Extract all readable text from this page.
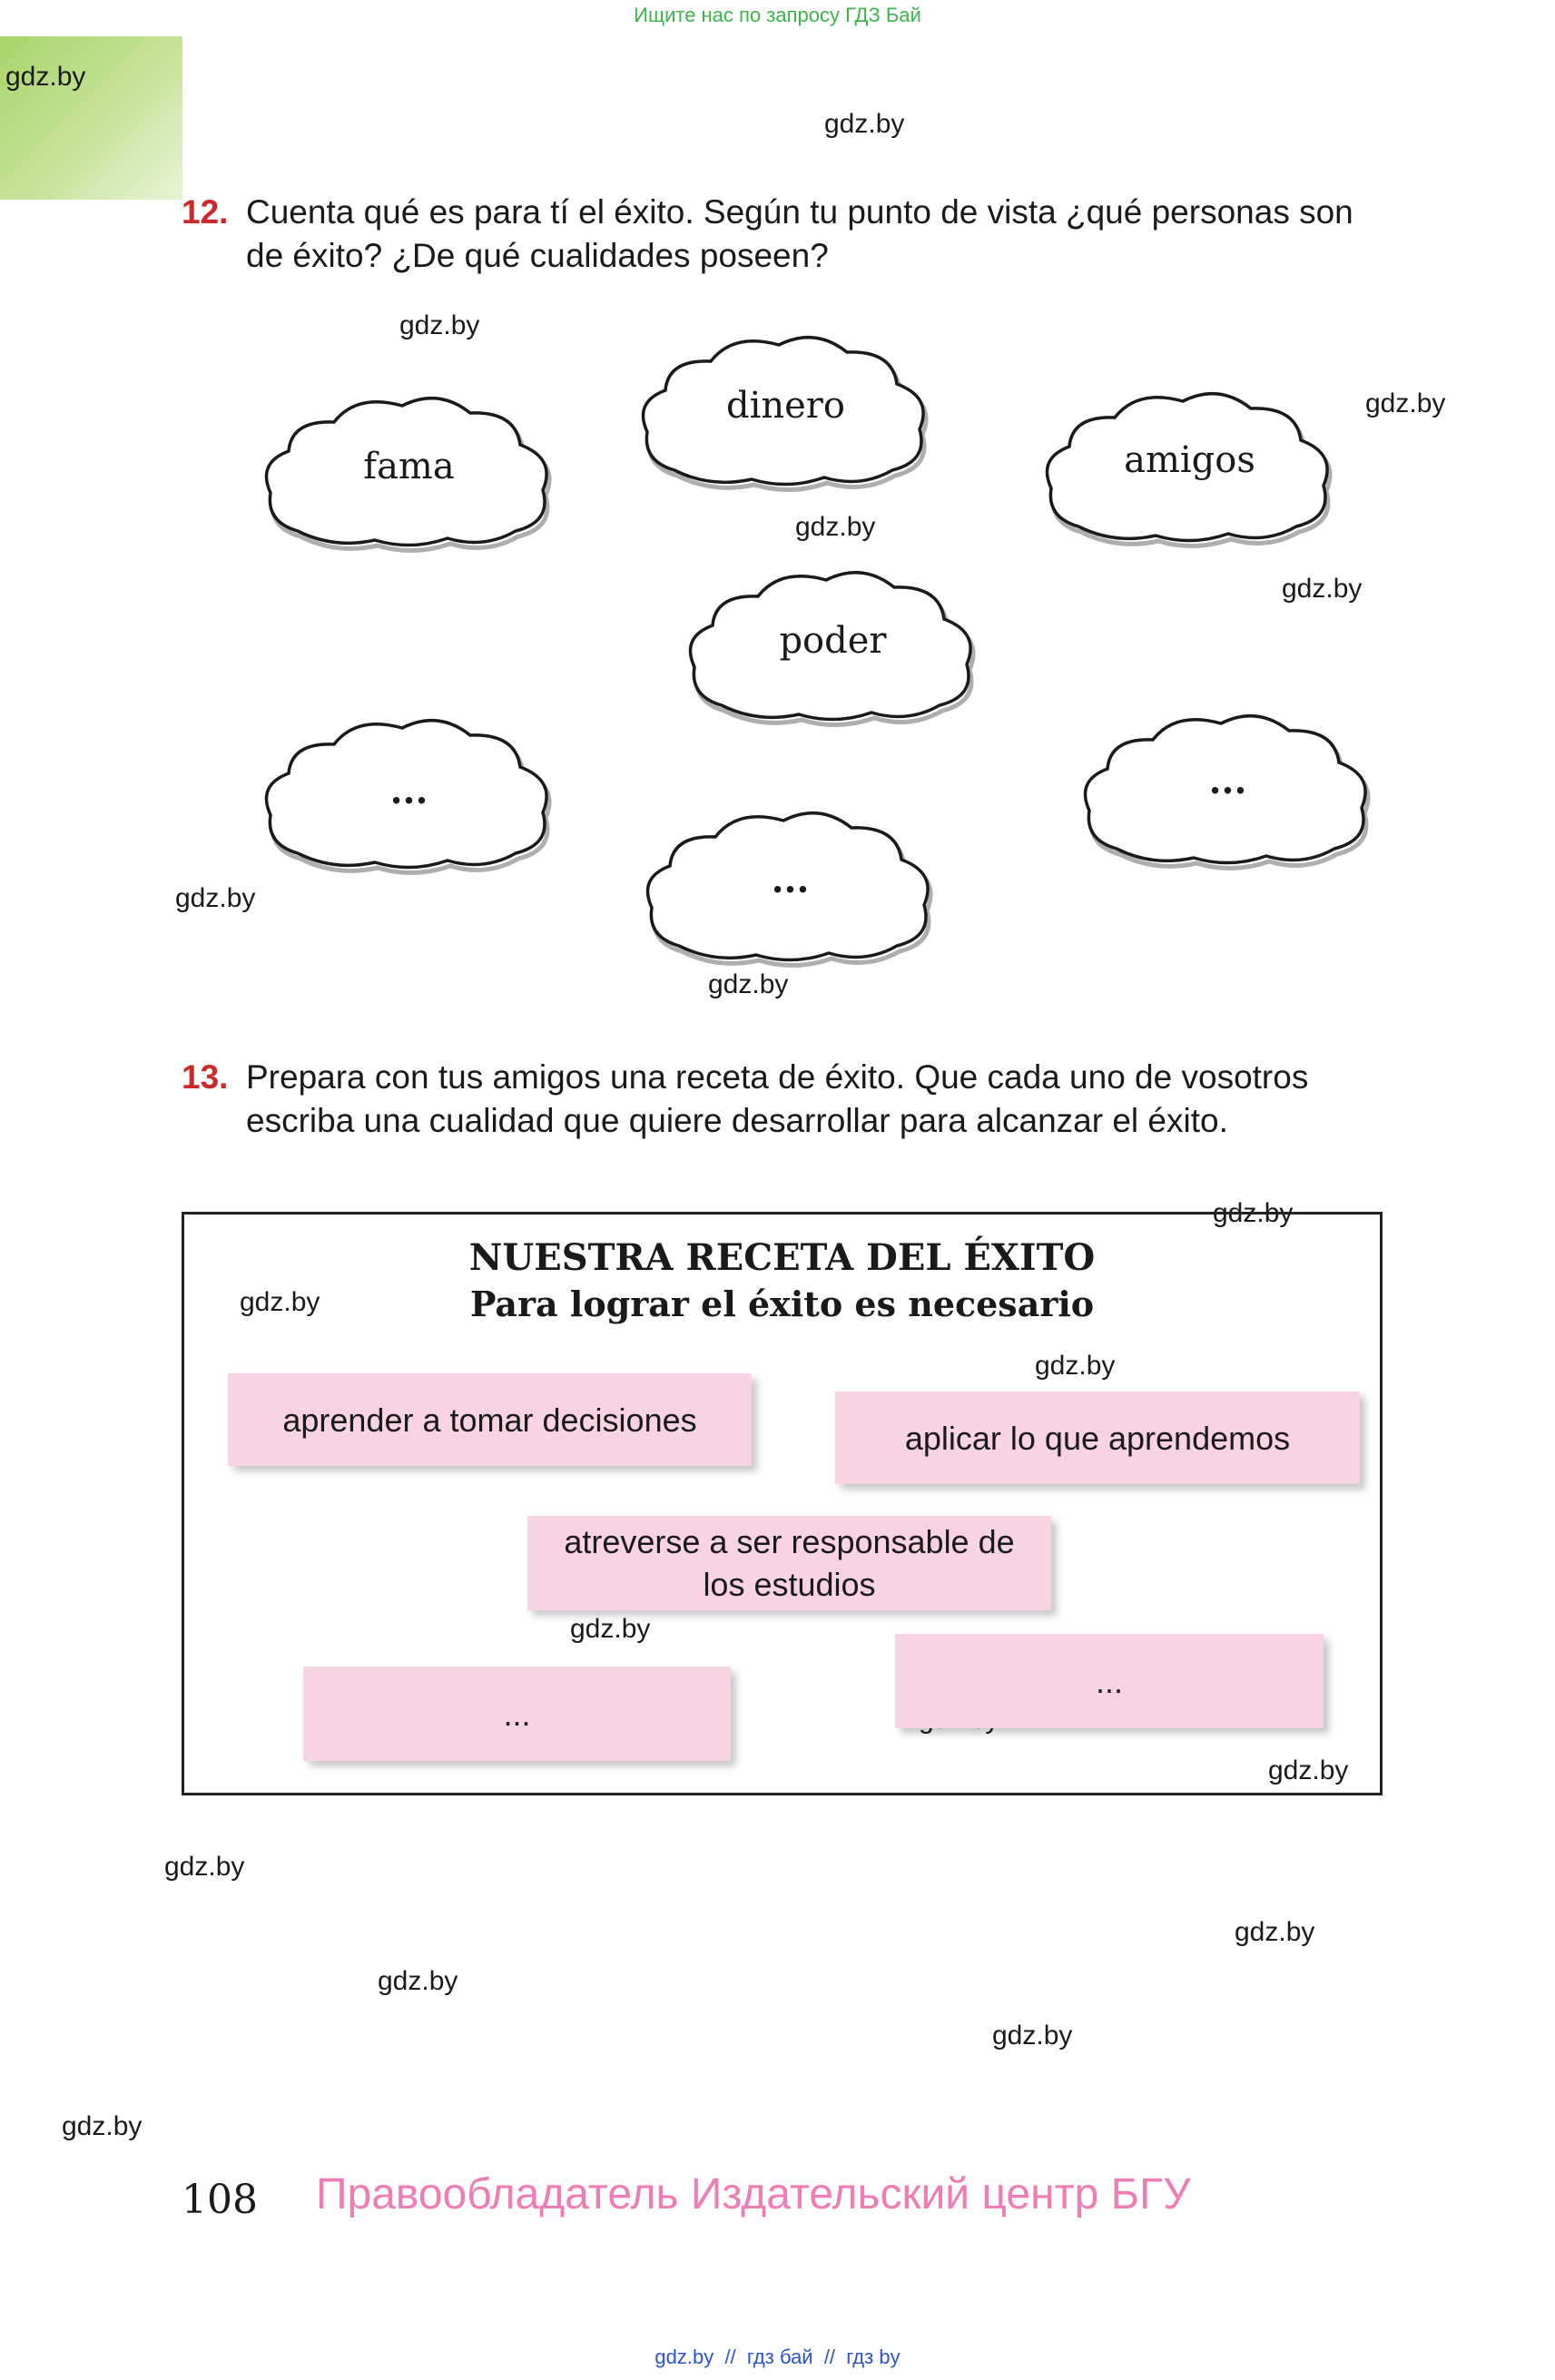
Ищите нас по запросу ГДЗ Бай
gdz.by
gdz.by
gdz.by
gdz.by
gdz.by
gdz.by
gdz.by
gdz.by
gdz.by
gdz.by
gdz.by
gdz.by
gdz.by
gdz.by
gdz.by
gdz.by
gdz.by
gdz.by
12. Cuenta qué es para tí el éxito. Según tu punto de vista ¿qué personas son de éxito? ¿De qué cualidades poseen?
fama
dinero
amigos
poder
...
...
...
13. Prepara con tus amigos una receta de éxito. Que cada uno de vosotros escriba una cualidad que quiere desarrollar para alcanzar el éxito.
NUESTRA RECETA DEL ÉXITO
Para lograr el éxito es necesario
aprender a tomar decisiones	aplicar lo que aprendemos
atreverse a ser responsable de los estudios
...
...
108 Правообладатель Издательский центр БГУ
gdz.by  //  гдз бай  //  гдз by
